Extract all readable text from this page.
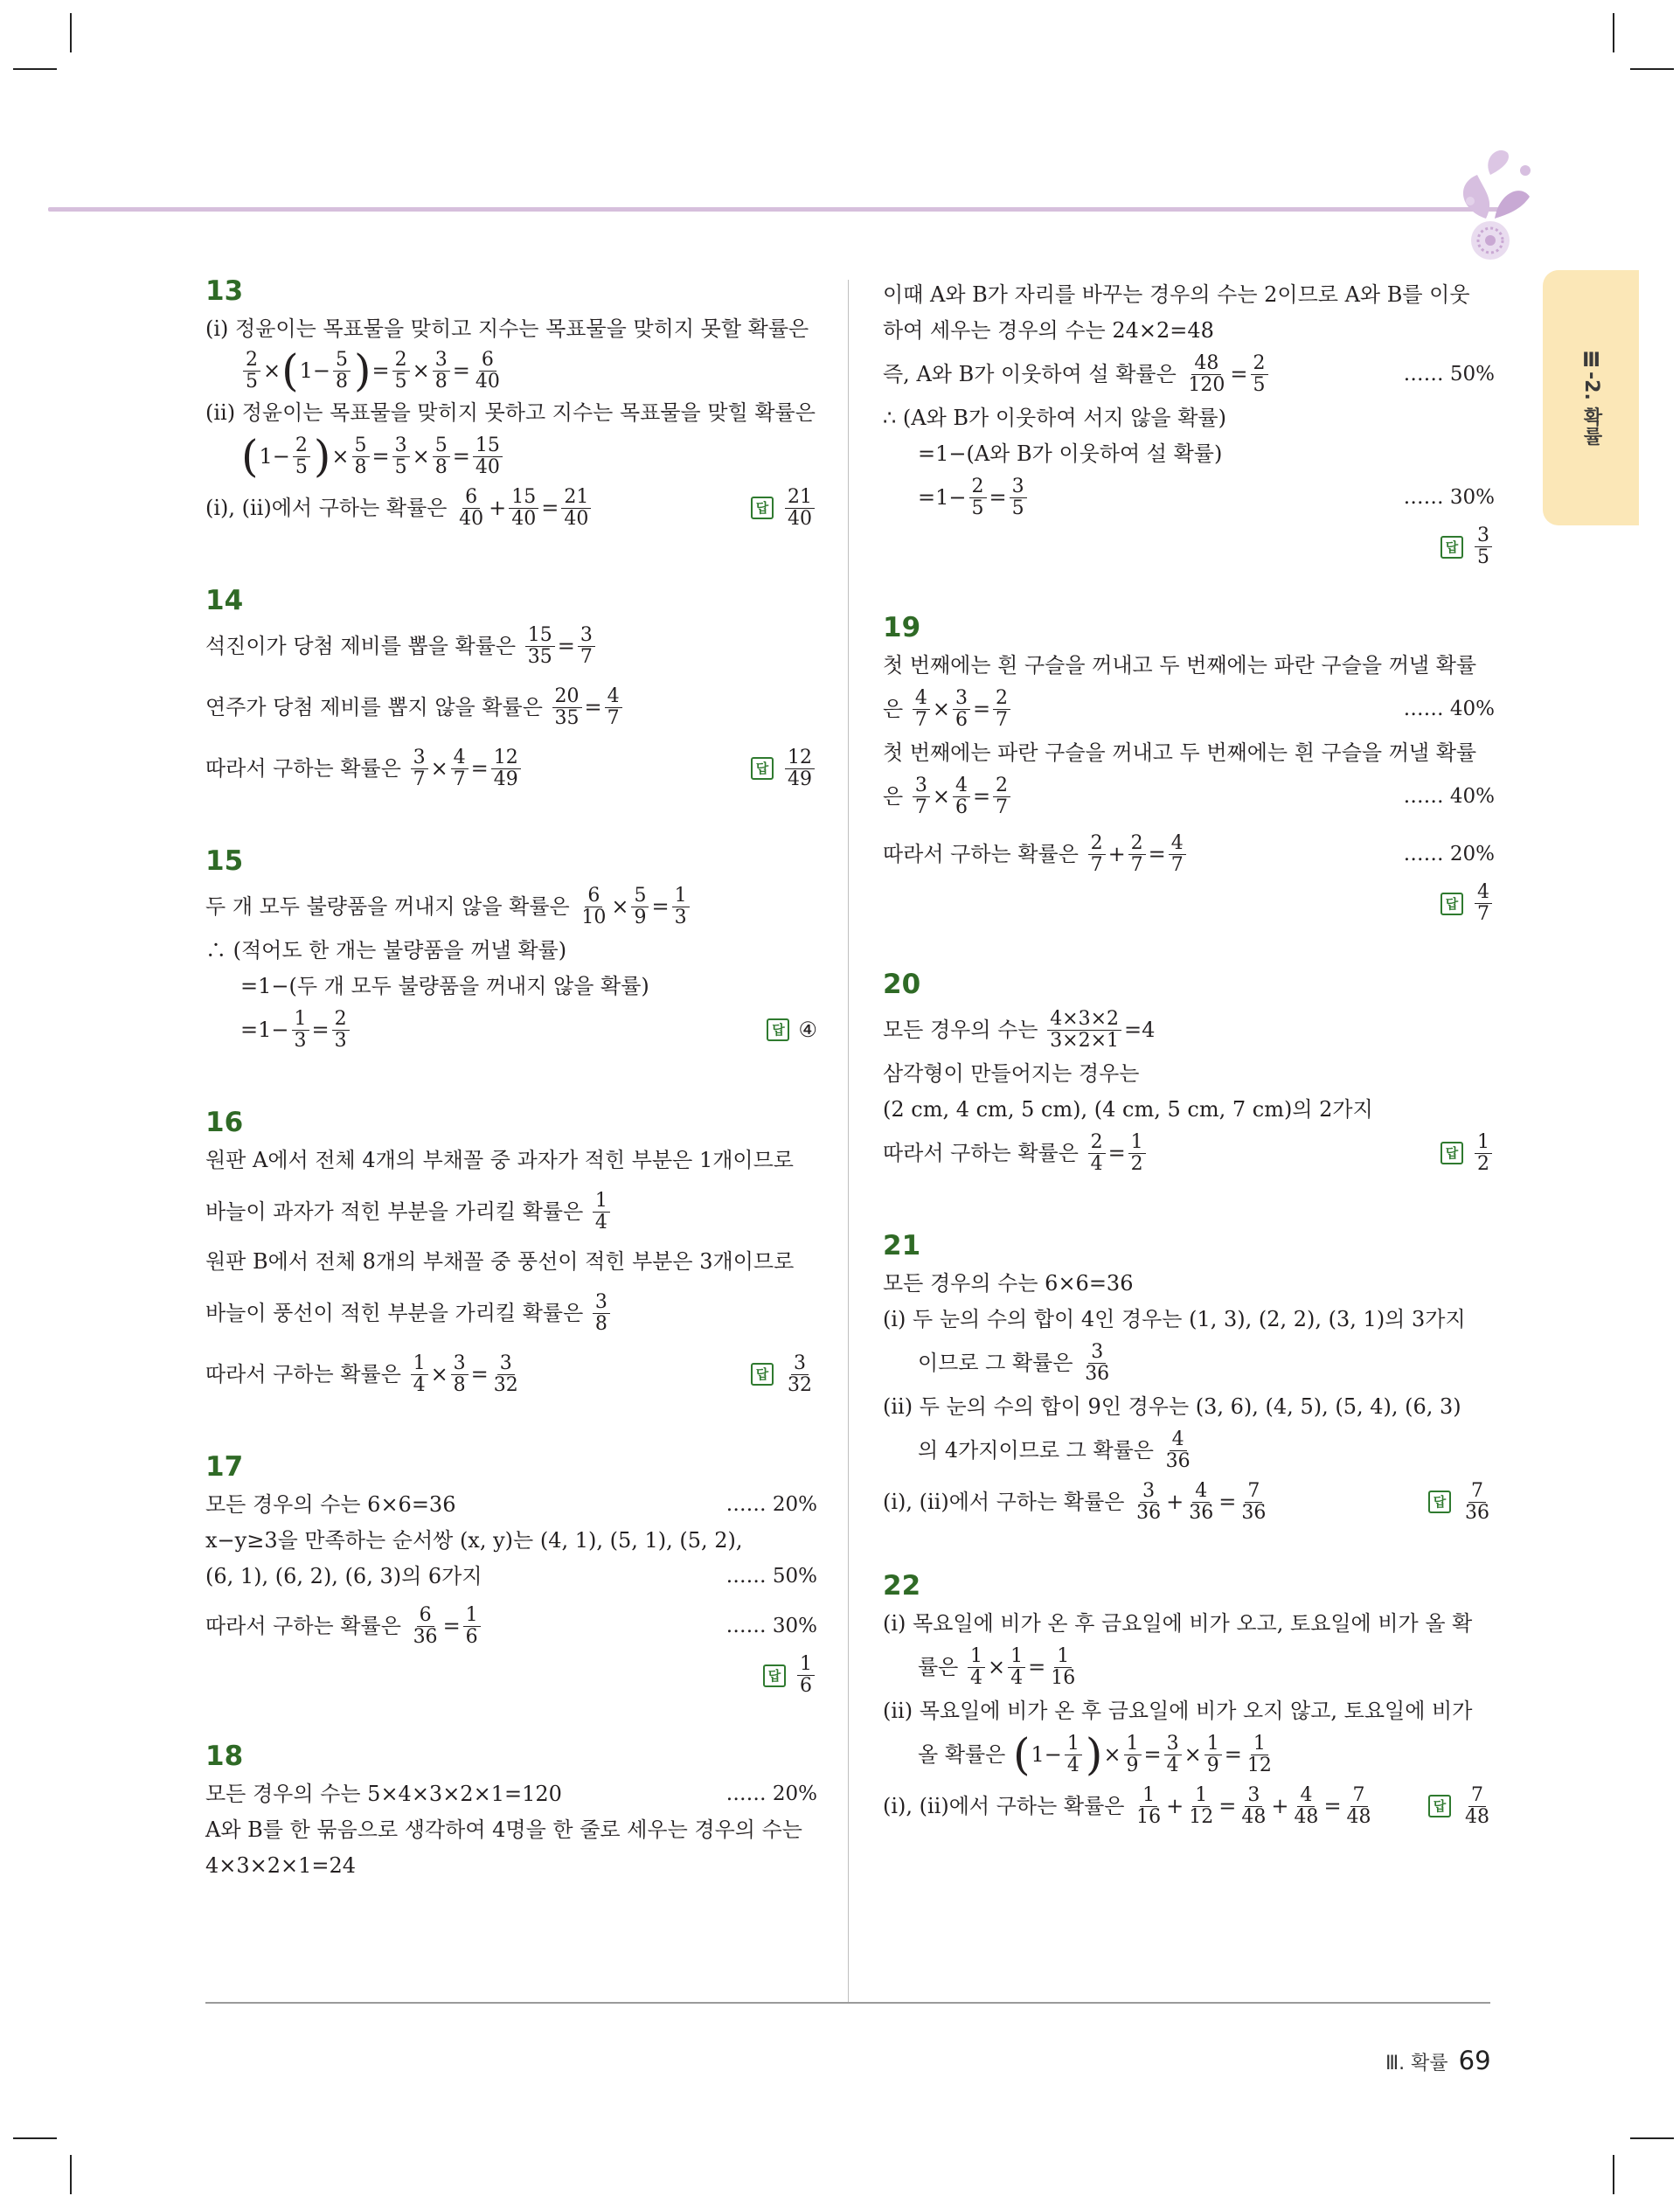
Ⅲ-2. 확률
13
(ⅰ) 정윤이는 목표물을 맞히고 지수는 목표물을 맞히지 못할 확률은
$\frac{2}{5}$ × ( $1- \frac{5}{8}$ ) = $\frac{2}{5} \times \frac{3}{8} = \frac{6}{40}$
(ⅱ) 정윤이는 목표물을 맞히지 못하고 지수는 목표물을 맞힐 확률은
( $1- \frac{2}{5}$ ) × $\frac{5}{8} = \frac{3}{5} \times \frac{5}{8} = \frac{15}{40}$
(ⅰ), (ⅱ)에서 구하는 확률은
$\frac{6}{40} + \frac{15}{40} = \frac{21}{40}$	답 $\frac{21}{40}$
14
석진이가 당첨 제비를 뽑을 확률은
$\frac{15}{35} = \frac{3}{7}$
연주가 당첨 제비를 뽑지 않을 확률은
$\frac{20}{35} = \frac{4}{7}$
따라서 구하는 확률은
$\frac{3}{7} \times \frac{4}{7} = \frac{12}{49}$	답 $\frac{12}{49}$
15
두 개 모두 불량품을 꺼내지 않을 확률은
$\frac{6}{10} \times \frac{5}{9} = \frac{1}{3}$
∴ (적어도 한 개는 불량품을 꺼낼 확률)
=1−(두 개 모두 불량품을 꺼내지 않을 확률)
$=1- \frac{1}{3} = \frac{2}{3}$	답 ④
16
원판 A에서 전체 4개의 부채꼴 중 과자가 적힌 부분은 1개이므로
바늘이 과자가 적힌 부분을 가리킬 확률은
$\frac{1}{4}$
원판 B에서 전체 8개의 부채꼴 중 풍선이 적힌 부분은 3개이므로
바늘이 풍선이 적힌 부분을 가리킬 확률은
$\frac{3}{8}$
따라서 구하는 확률은
$\frac{1}{4} \times \frac{3}{8} = \frac{3}{32}$	답 $\frac{3}{32}$
17
모든 경우의 수는 6×6=36	…… 20%
x−y≥3을 만족하는 순서쌍 (x, y)는 (4, 1), (5, 1), (5, 2),
(6, 1), (6, 2), (6, 3)의 6가지	…… 50%
따라서 구하는 확률은
$\frac{6}{36} = \frac{1}{6}$	…… 30%
답 $\frac{1}{6}$
18
모든 경우의 수는 5×4×3×2×1=120	…… 20%
A와 B를 한 묶음으로 생각하여 4명을 한 줄로 세우는 경우의 수는
4×3×2×1=24
이때 A와 B가 자리를 바꾸는 경우의 수는 2이므로 A와 B를 이웃
하여 세우는 경우의 수는 24×2=48
즉, A와 B가 이웃하여 설 확률은
$\frac{48}{120} = \frac{2}{5}$	…… 50%
∴ (A와 B가 이웃하여 서지 않을 확률)
=1−(A와 B가 이웃하여 설 확률)
$=1- \frac{2}{5} = \frac{3}{5}$	…… 30%
답 $\frac{3}{5}$
19
첫 번째에는 흰 구슬을 꺼내고 두 번째에는 파란 구슬을 꺼낼 확률
은
$\frac{4}{7} \times \frac{3}{6} = \frac{2}{7}$	…… 40%
첫 번째에는 파란 구슬을 꺼내고 두 번째에는 흰 구슬을 꺼낼 확률
은
$\frac{3}{7} \times \frac{4}{6} = \frac{2}{7}$	…… 40%
따라서 구하는 확률은
$\frac{2}{7} + \frac{2}{7} = \frac{4}{7}$	…… 20%
답 $\frac{4}{7}$
20
모든 경우의 수는
$\frac{4\times 3\times 2}{3\times 2\times 1} =4$
삼각형이 만들어지는 경우는
(2 cm, 4 cm, 5 cm), (4 cm, 5 cm, 7 cm)의 2가지
따라서 구하는 확률은
$\frac{2}{4} = \frac{1}{2}$	답 $\frac{1}{2}$
21
모든 경우의 수는 6×6=36
(ⅰ) 두 눈의 수의 합이 4인 경우는 (1, 3), (2, 2), (3, 1)의 3가지
이므로 그 확률은
$\frac{3}{36}$
(ⅱ) 두 눈의 수의 합이 9인 경우는 (3, 6), (4, 5), (5, 4), (6, 3)
의 4가지이므로 그 확률은
$\frac{4}{36}$
(ⅰ), (ⅱ)에서 구하는 확률은
$\frac{3}{36} + \frac{4}{36} = \frac{7}{36}$	답 $\frac{7}{36}$
22
(ⅰ) 목요일에 비가 온 후 금요일에 비가 오고, 토요일에 비가 올 확
률은
$\frac{1}{4} \times \frac{1}{4} = \frac{1}{16}$
(ⅱ) 목요일에 비가 온 후 금요일에 비가 오지 않고, 토요일에 비가
올 확률은
( $1- \frac{1}{4}$ ) × $\frac{1}{9} = \frac{3}{4} \times \frac{1}{9} = \frac{1}{12}$
(ⅰ), (ⅱ)에서 구하는 확률은
$\frac{1}{16} + \frac{1}{12} = \frac{3}{48} + \frac{4}{48} = \frac{7}{48}$	답 $\frac{7}{48}$
Ⅲ. 확률 69
